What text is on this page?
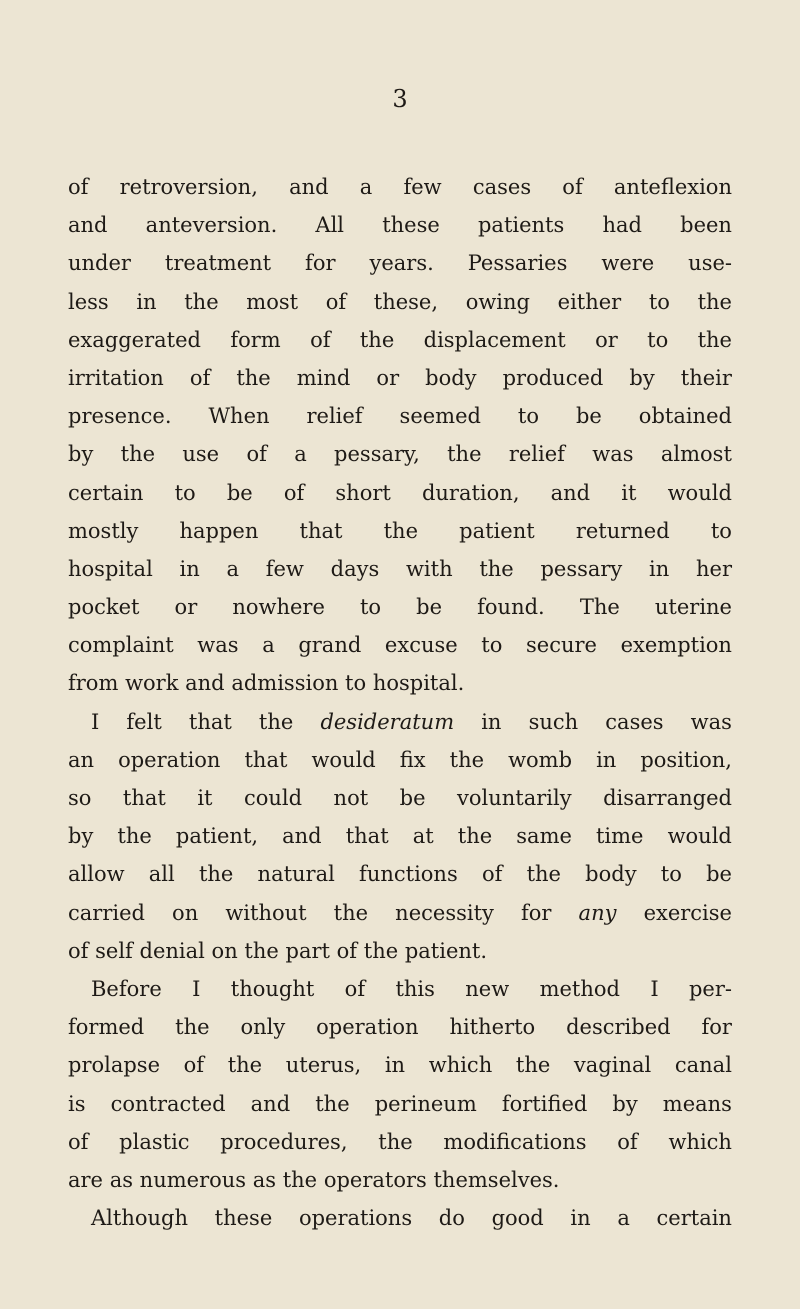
3
of retroversion, and a few cases of anteflexion
and anteversion. All these patients had been
under treatment for years. Pessaries were use-
less in the most of these, owing either to the
exaggerated form of the displacement or to the
irritation of the mind or body produced by their
presence. When relief seemed to be obtained
by the use of a pessary, the relief was almost
certain to be of short duration, and it would
mostly happen that the patient returned to
hospital in a few days with the pessary in her
pocket or nowhere to be found. The uterine
complaint was a grand excuse to secure exemption
from
work
and
admission
to
hospital.
I felt that the desideratum in such cases was
an operation that would fix the womb in position,
so that it could not be voluntarily disarranged
by the patient, and that at the same time would
allow all the natural functions of the body to be
carried on without the necessity for any exercise
of
self
denial
on
the
part
of
the
patient.
Before I thought of this new method I per-
formed the only operation hitherto described for
prolapse of the uterus, in which the vaginal canal
is contracted and the perineum fortified by means
of plastic procedures, the modifications of which
are
as
numerous
as
the
operators
themselves.
Although these operations do good in a certain
